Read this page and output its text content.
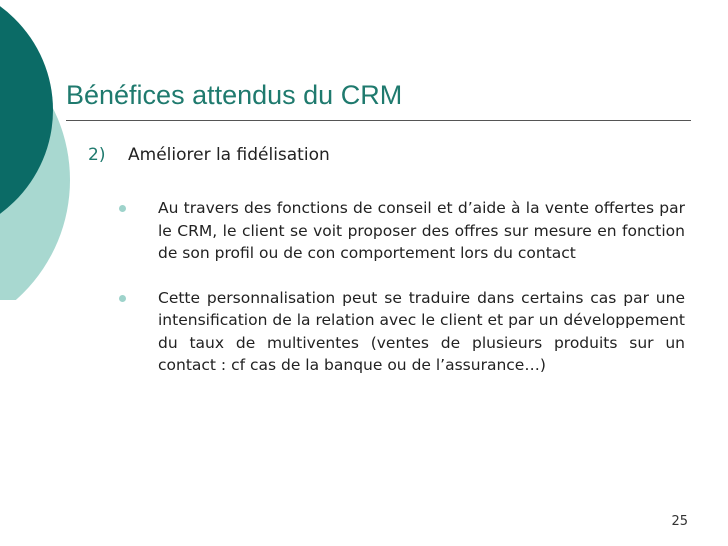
Bénéfices attendus du CRM
2) Améliorer la fidélisation
Au travers des fonctions de conseil et d’aide à la vente offertes par le CRM, le client se voit proposer des offres sur mesure en fonction de son profil ou de con comportement lors du contact
Cette personnalisation peut se traduire dans certains cas par une intensification de la relation avec le client et par un développement du taux de multiventes (ventes de plusieurs produits sur un contact : cf cas de la banque ou de l’assurance…)
25
